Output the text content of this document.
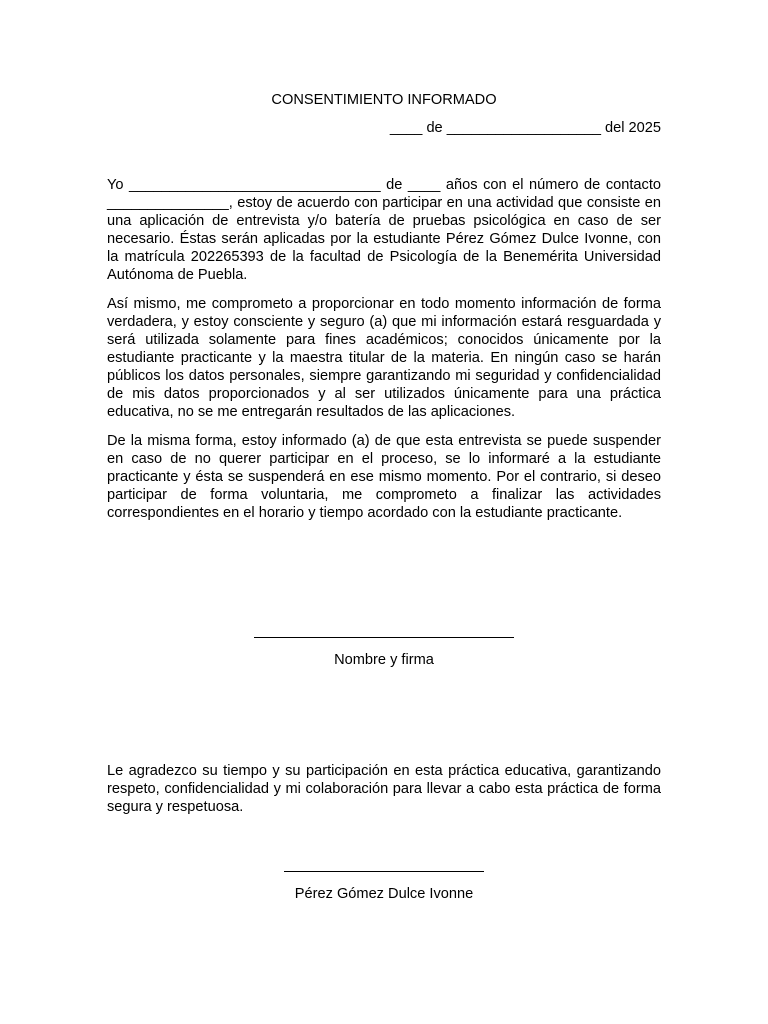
CONSENTIMIENTO INFORMADO
____ de ___________________ del 2025

Yo _______________________________ de ____ años con el número de contacto _______________, estoy de acuerdo con participar en una actividad que consiste en una aplicación de entrevista y/o batería de pruebas psicológica en caso de ser necesario. Éstas serán aplicadas por la estudiante Pérez Gómez Dulce Ivonne, con la matrícula 202265393 de la facultad de Psicología de la Benemérita Universidad Autónoma de Puebla.

Así mismo, me comprometo a proporcionar en todo momento información de forma verdadera, y estoy consciente y seguro (a) que mi información estará resguardada y será utilizada solamente para fines académicos; conocidos únicamente por la estudiante practicante y la maestra titular de la materia. En ningún caso se harán públicos los datos personales, siempre garantizando mi seguridad y confidencialidad de mis datos proporcionados y al ser utilizados únicamente para una práctica educativa, no se me entregarán resultados de las aplicaciones.

De la misma forma, estoy informado (a) de que esta entrevista se puede suspender en caso de no querer participar en el proceso, se lo informaré a la estudiante practicante y ésta se suspenderá en ese mismo momento. Por el contrario, si deseo participar de forma voluntaria, me comprometo a finalizar las actividades correspondientes en el horario y tiempo acordado con la estudiante practicante.

Nombre y firma

Le agradezco su tiempo y su participación en esta práctica educativa, garantizando respeto, confidencialidad y mi colaboración para llevar a cabo esta práctica de forma segura y respetuosa.

Pérez Gómez Dulce Ivonne
